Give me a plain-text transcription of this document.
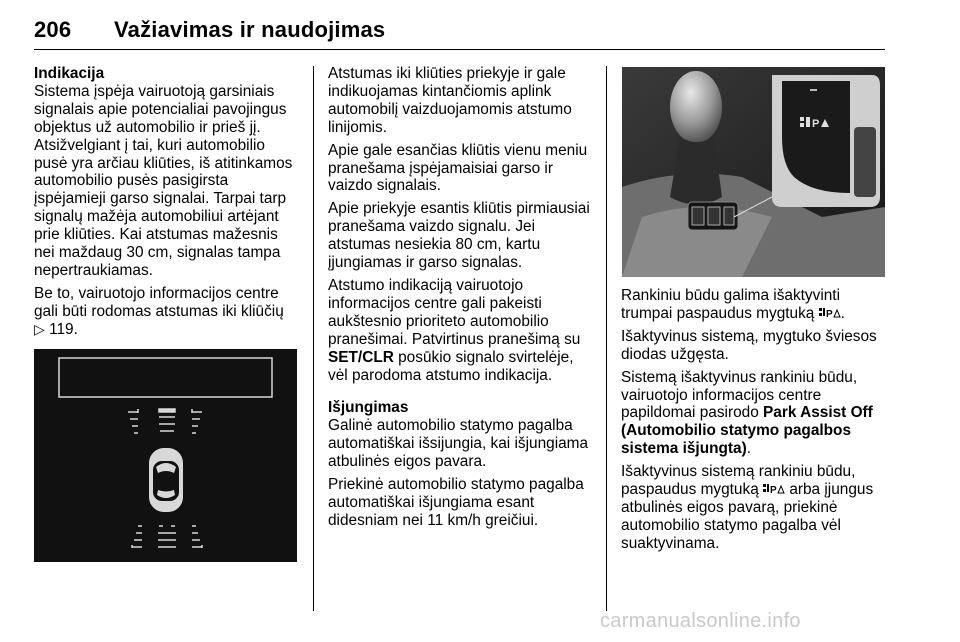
206 Važiavimas ir naudojimas

Indikacija

Sistema įspėja vairuotoją garsiniais signalais apie potencialiai pavojingus objektus už automobilio ir prieš jį. Atsižvelgiant į tai, kuri automobilio pusė yra arčiau kliūties, iš atitinkamos automobilio pusės pasigirsta įspėjamieji garso signalai. Tarpai tarp signalų mažėja automobiliui artėjant prie kliūties. Kai atstumas mažesnis nei maždaug 30 cm, signalas tampa nepertraukiamas.

Be to, vairuotojo informacijos centre gali būti rodomas atstumas iki kliūčių
▷ 119.

Atstumas iki kliūties priekyje ir gale indikuojamas kintančiomis aplink automobilį vaizduojamomis atstumo linijomis.

Apie gale esančias kliūtis vienu meniu pranešama įspėjamaisiai garso ir vaizdo signalais.

Apie priekyje esantis kliūtis pirmiausiai pranešama vaizdo signalu. Jei atstumas nesiekia 80 cm, kartu įjungiamas ir garso signalas.

Atstumo indikaciją vairuotojo informacijos centre gali pakeisti aukštesnio prioriteto automobilio pranešimai. Patvirtinus pranešimą su SET/CLR posūkio signalo svirtelėje, vėl parodoma atstumo indikacija.

Išjungimas

Galinė automobilio statymo pagalba automatiškai išsijungia, kai išjungiama atbulinės eigos pavara.

Priekinė automobilio statymo pagalba automatiškai išjungiama esant didesniam nei 11 km/h greičiui.

P

Rankiniu būdu galima išaktyvinti trumpai paspaudus mygtuką P .

Išaktyvinus sistemą, mygtuko šviesos diodas užgęsta.

Sistemą išaktyvinus rankiniu būdu, vairuotojo informacijos centre papildomai pasirodo Park Assist Off (Automobilio statymo pagalbos sistema išjungta).

Išaktyvinus sistemą rankiniu būdu, paspaudus mygtuką P arba įjungus atbulinės eigos pavarą, priekinė automobilio statymo pagalba vėl suaktyvinama.

carmanualsonline.info
